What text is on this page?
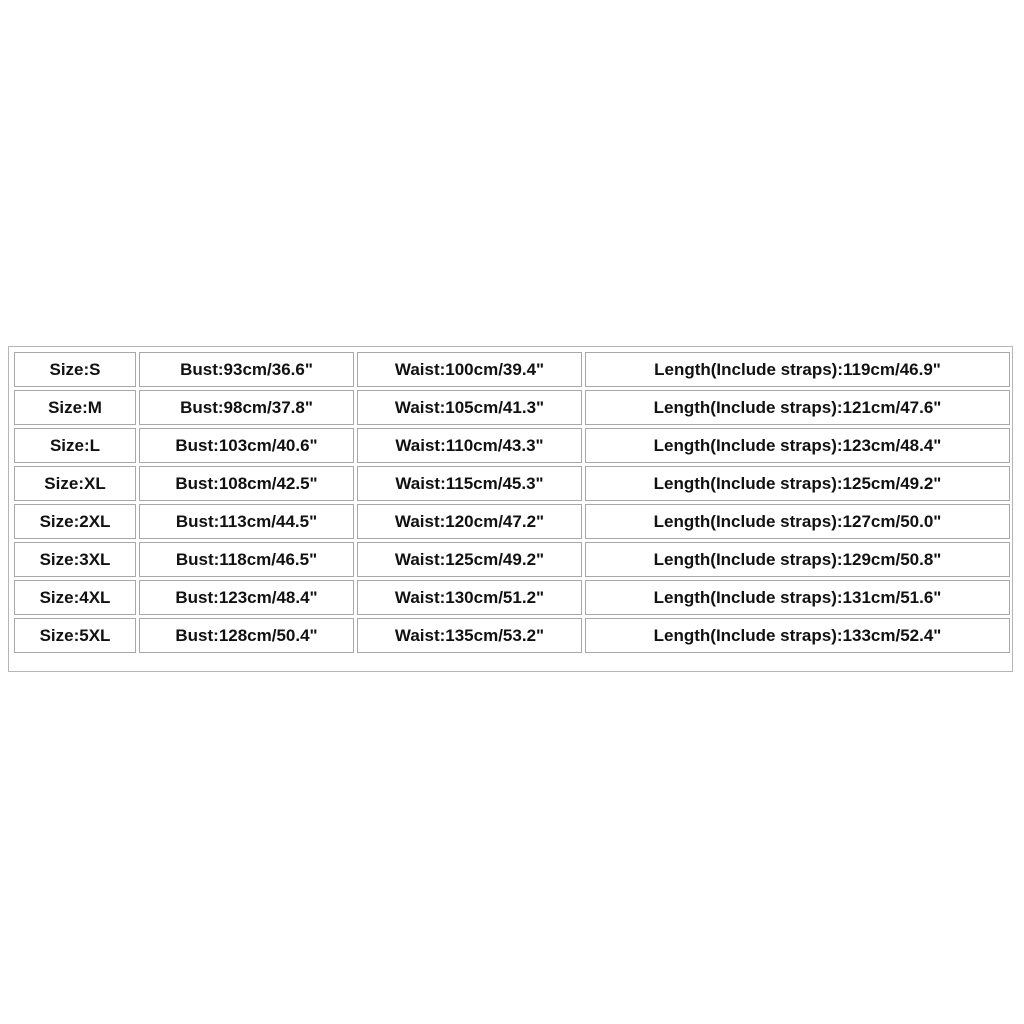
Size:S	Bust:93cm/36.6"	Waist:100cm/39.4"	Length(Include straps):119cm/46.9"
Size:M	Bust:98cm/37.8"	Waist:105cm/41.3"	Length(Include straps):121cm/47.6"
Size:L	Bust:103cm/40.6"	Waist:110cm/43.3"	Length(Include straps):123cm/48.4"
Size:XL	Bust:108cm/42.5"	Waist:115cm/45.3"	Length(Include straps):125cm/49.2"
Size:2XL	Bust:113cm/44.5"	Waist:120cm/47.2"	Length(Include straps):127cm/50.0"
Size:3XL	Bust:118cm/46.5"	Waist:125cm/49.2"	Length(Include straps):129cm/50.8"
Size:4XL	Bust:123cm/48.4"	Waist:130cm/51.2"	Length(Include straps):131cm/51.6"
Size:5XL	Bust:128cm/50.4"	Waist:135cm/53.2"	Length(Include straps):133cm/52.4"
